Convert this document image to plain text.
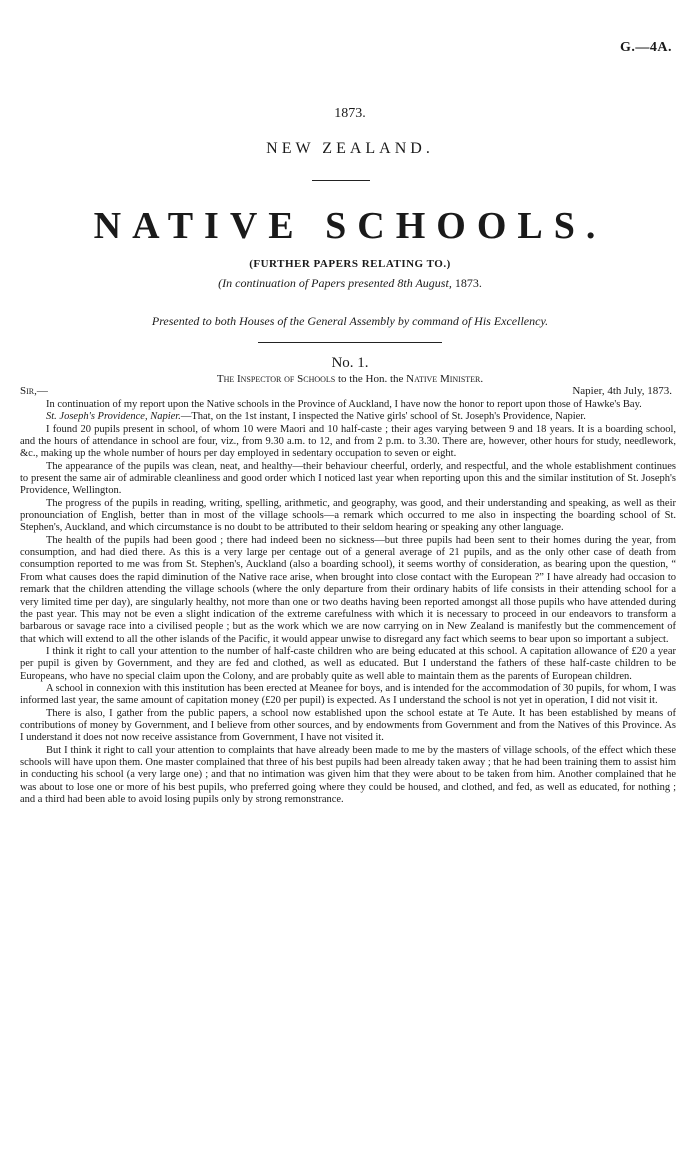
G.—4A.
1873.
NEW ZEALAND.
NATIVE SCHOOLS.
(FURTHER PAPERS RELATING TO.)
(In continuation of Papers presented 8th August, 1873.
Presented to both Houses of the General Assembly by command of His Excellency.
No. 1.
The Inspector of Schools to the Hon. the Native Minister.
Sir,—	Napier, 4th July, 1873.

In continuation of my report upon the Native schools in the Province of Auckland, I have now the honor to report upon those of Hawke's Bay.

St. Joseph's Providence, Napier.—That, on the 1st instant, I inspected the Native girls' school of St. Joseph's Providence, Napier.

I found 20 pupils present in school, of whom 10 were Maori and 10 half-caste ; their ages varying between 9 and 18 years. It is a boarding school, and the hours of attendance in school are four, viz., from 9.30 a.m. to 12, and from 2 p.m. to 3.30. There are, however, other hours for study, needlework, &c., making up the whole number of hours per day employed in sedentary occupation to seven or eight.

The appearance of the pupils was clean, neat, and healthy—their behaviour cheerful, orderly, and respectful, and the whole establishment continues to present the same air of admirable cleanliness and good order which I noticed last year when reporting upon this and the similar institution of St. Joseph's Providence, Wellington.

The progress of the pupils in reading, writing, spelling, arithmetic, and geography, was good, and their understanding and speaking, as well as their pronounciation of English, better than in most of the village schools—a remark which occurred to me also in inspecting the boarding school of St. Stephen's, Auckland, and which circumstance is no doubt to be attributed to their seldom hearing or speaking any other language.

The health of the pupils had been good ; there had indeed been no sickness—but three pupils had been sent to their homes during the year, from consumption, and had died there. As this is a very large per centage out of a general average of 21 pupils, and as the only other case of death from consumption reported to me was from St. Stephen's, Auckland (also a boarding school), it seems worthy of consideration, as bearing upon the question, “ From what causes does the rapid diminution of the Native race arise, when brought into close contact with the European ?” I have already had occasion to remark that the children attending the village schools (where the only departure from their ordinary habits of life consists in their attending school for a very limited time per day), are singularly healthy, not more than one or two deaths having been reported amongst all those pupils who have attended during the past year. This may not be even a slight indication of the extreme carefulness with which it is necessary to proceed in our endeavors to transform a barbarous or savage race into a civilised people ; but as the work which we are now carrying on in New Zealand is manifestly but the commencement of that which will extend to all the other islands of the Pacific, it would appear unwise to disregard any fact which seems to bear upon so important a subject.

I think it right to call your attention to the number of half-caste children who are being educated at this school. A capitation allowance of £20 a year per pupil is given by Government, and they are fed and clothed, as well as educated. But I understand the fathers of these half-caste children to be Europeans, who have no special claim upon the Colony, and are probably quite as well able to maintain them as the parents of European children.

A school in connexion with this institution has been erected at Meanee for boys, and is intended for the accommodation of 30 pupils, for whom, I was informed last year, the same amount of capitation money (£20 per pupil) is expected. As I understand the school is not yet in operation, I did not visit it.

There is also, I gather from the public papers, a school now established upon the school estate at Te Aute. It has been established by means of contributions of money by Government, and I believe from other sources, and by endowments from Government and from the Natives of this Province. As I understand it does not now receive assistance from Government, I have not visited it.

But I think it right to call your attention to complaints that have already been made to me by the masters of village schools, of the effect which these schools will have upon them. One master complained that three of his best pupils had been already taken away ; that he had been training them to assist him in conducting his school (a very large one) ; and that no intimation was given him that they were about to be taken from him. Another complained that he was about to lose one or more of his best pupils, who preferred going where they could be housed, and clothed, and fed, as well as educated, for nothing ; and a third had been able to avoid losing pupils only by strong remonstrance.
